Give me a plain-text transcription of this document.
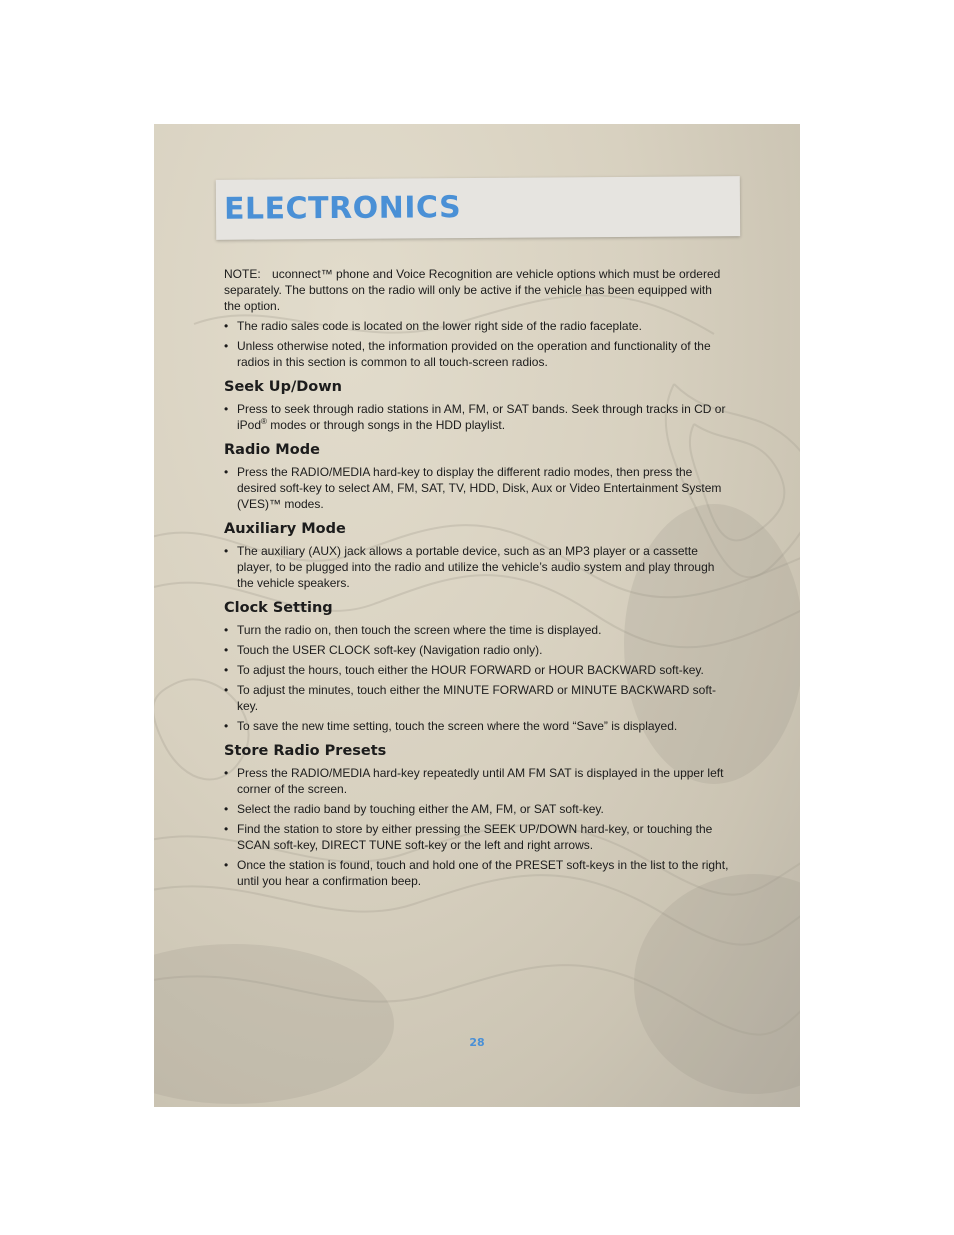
ELECTRONICS

NOTE: uconnect™ phone and Voice Recognition are vehicle options which must be ordered separately. The buttons on the radio will only be active if the vehicle has been equipped with the option.

• The radio sales code is located on the lower right side of the radio faceplate.
• Unless otherwise noted, the information provided on the operation and functionality of the radios in this section is common to all touch-screen radios.
Seek Up/Down
• Press to seek through radio stations in AM, FM, or SAT bands. Seek through tracks in CD or iPod® modes or through songs in the HDD playlist.
Radio Mode
• Press the RADIO/MEDIA hard-key to display the different radio modes, then press the desired soft-key to select AM, FM, SAT, TV, HDD, Disk, Aux or Video Entertainment System (VES)™ modes.
Auxiliary Mode
• The auxiliary (AUX) jack allows a portable device, such as an MP3 player or a cassette player, to be plugged into the radio and utilize the vehicle’s audio system and play through the vehicle speakers.
Clock Setting
• Turn the radio on, then touch the screen where the time is displayed.
• Touch the USER CLOCK soft-key (Navigation radio only).
• To adjust the hours, touch either the HOUR FORWARD or HOUR BACKWARD soft-key.
• To adjust the minutes, touch either the MINUTE FORWARD or MINUTE BACKWARD soft-key.
• To save the new time setting, touch the screen where the word “Save” is displayed.
Store Radio Presets
• Press the RADIO/MEDIA hard-key repeatedly until AM FM SAT is displayed in the upper left corner of the screen.
• Select the radio band by touching either the AM, FM, or SAT soft-key.
• Find the station to store by either pressing the SEEK UP/DOWN hard-key, or touching the SCAN soft-key, DIRECT TUNE soft-key or the left and right arrows.
• Once the station is found, touch and hold one of the PRESET soft-keys in the list to the right, until you hear a confirmation beep.
28
